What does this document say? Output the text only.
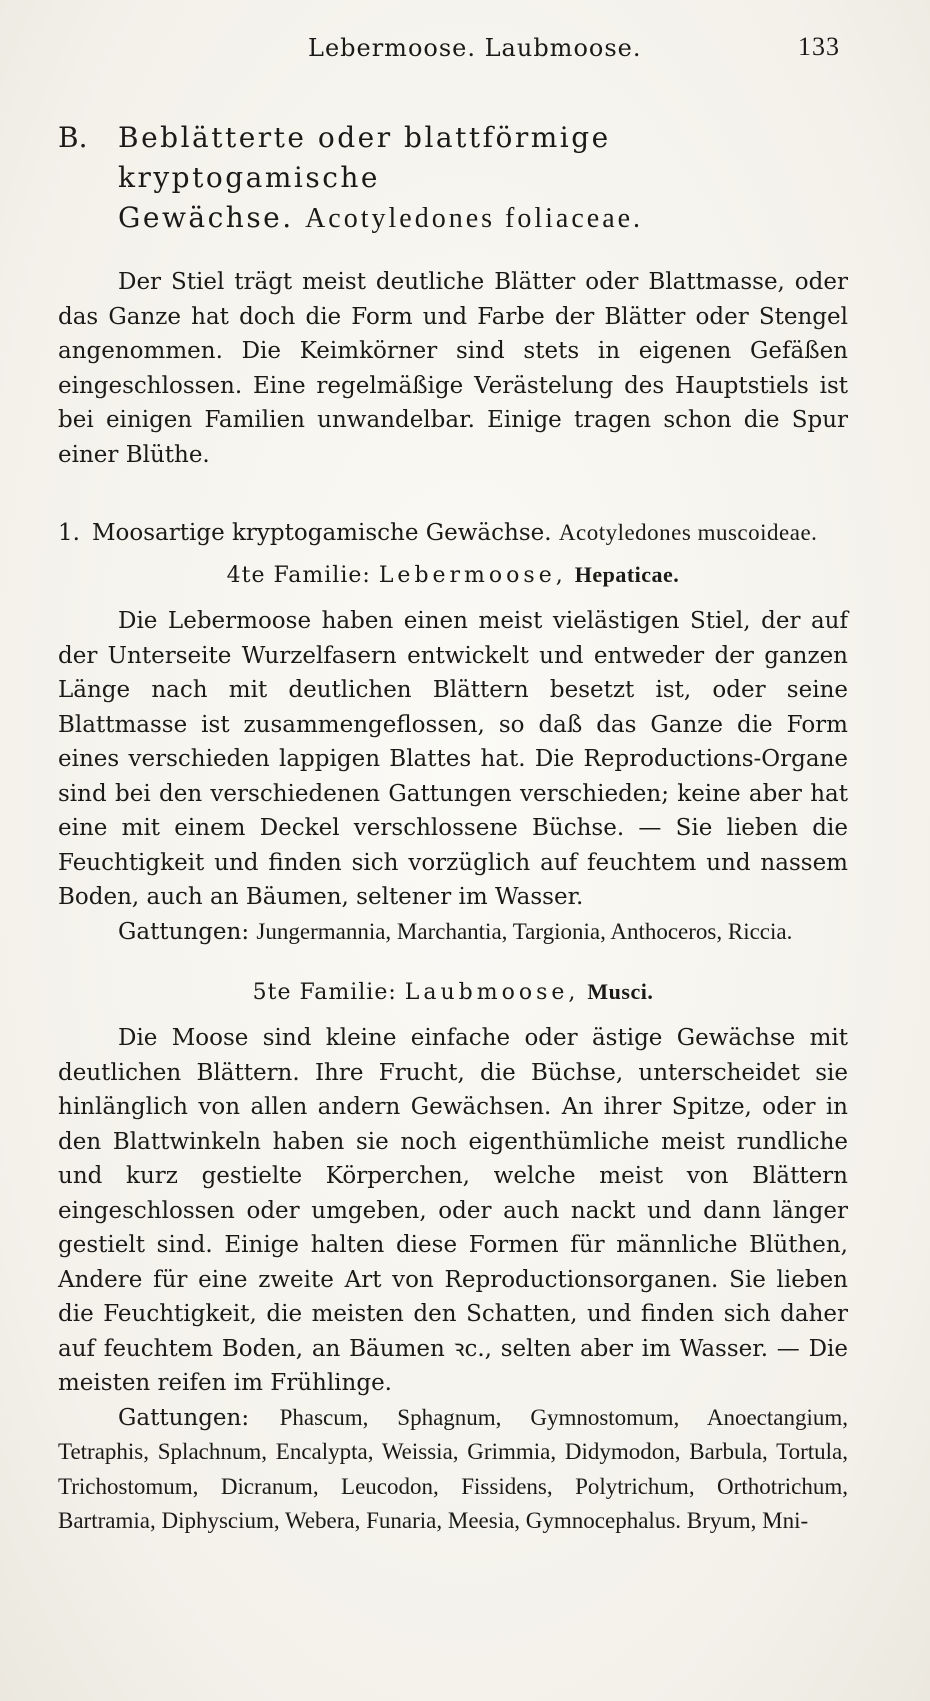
Lebermoose. Laubmoose.	133
B. Beblätterte oder blattförmige kryptogamische
Gewächse. Acotyledones foliaceae.

Der Stiel trägt meist deutliche Blätter oder Blattmasse, oder das Ganze hat doch die Form und Farbe der Blätter oder Stengel angenommen. Die Keimkörner sind stets in eigenen Gefäßen eingeschlossen. Eine regelmäßige Verästelung des Hauptstiels ist bei einigen Familien unwandelbar. Einige tragen schon die Spur einer Blüthe.

1. Moosartige kryptogamische Gewächse. Acotyledones muscoideae.
4te Familie: Lebermoose, Hepaticae.

Die Lebermoose haben einen meist vielästigen Stiel, der auf der Unterseite Wurzelfasern entwickelt und entweder der ganzen Länge nach mit deutlichen Blättern besetzt ist, oder seine Blattmasse ist zusammengeflossen, so daß das Ganze die Form eines verschieden lappigen Blattes hat. Die Reproductions-Organe sind bei den verschiedenen Gattungen verschieden; keine aber hat eine mit einem Deckel verschlossene Büchse. — Sie lieben die Feuchtigkeit und finden sich vorzüglich auf feuchtem und nassem Boden, auch an Bäumen, seltener im Wasser.

Gattungen: Jungermannia, Marchantia, Targionia, Anthoceros, Riccia.

5te Familie: Laubmoose, Musci.

Die Moose sind kleine einfache oder ästige Gewächse mit deutlichen Blättern. Ihre Frucht, die Büchse, unterscheidet sie hinlänglich von allen andern Gewächsen. An ihrer Spitze, oder in den Blattwinkeln haben sie noch eigenthümliche meist rundliche und kurz gestielte Körperchen, welche meist von Blättern eingeschlossen oder umgeben, oder auch nackt und dann länger gestielt sind. Einige halten diese Formen für männliche Blüthen, Andere für eine zweite Art von Reproductionsorganen. Sie lieben die Feuchtigkeit, die meisten den Schatten, und finden sich daher auf feuchtem Boden, an Bäumen ꝛc., selten aber im Wasser. — Die meisten reifen im Frühlinge.

Gattungen: Phascum, Sphagnum, Gymnostomum, Anoectangium, Tetraphis, Splachnum, Encalypta, Weissia, Grimmia, Didymodon, Barbula, Tortula, Trichostomum, Dicranum, Leucodon, Fissidens, Polytrichum, Orthotrichum, Bartramia, Diphyscium, Webera, Funaria, Meesia, Gymnocephalus. Bryum, Mni-
